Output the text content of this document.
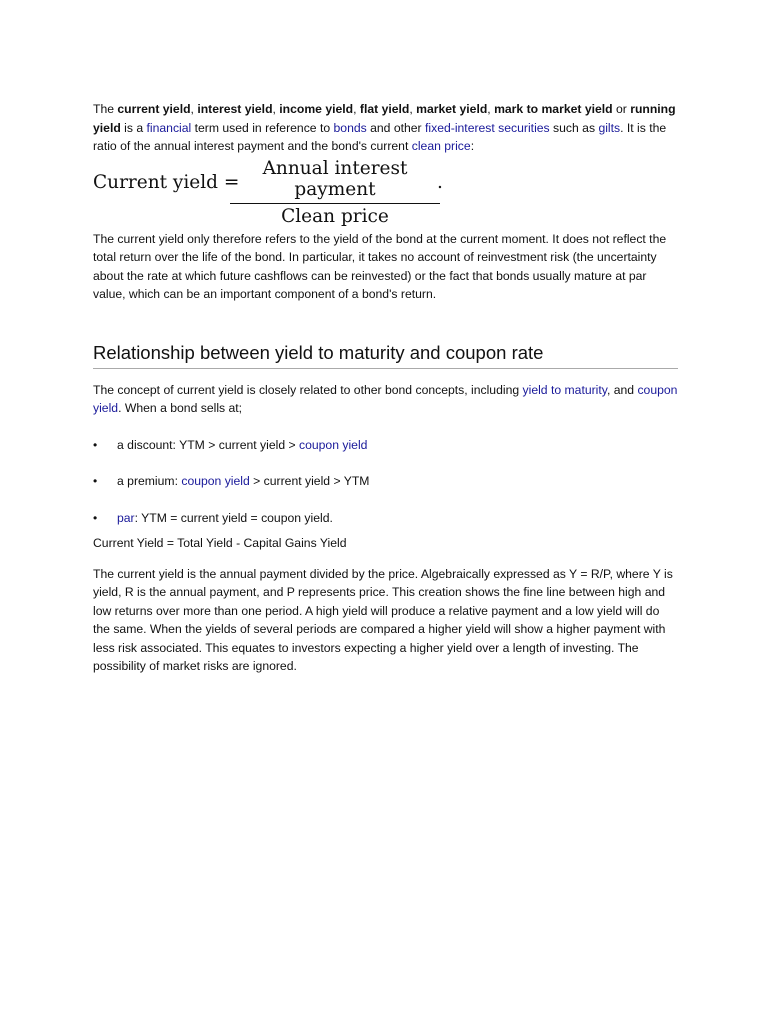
The current yield, interest yield, income yield, flat yield, market yield, mark to market yield or running yield is a financial term used in reference to bonds and other fixed-interest securities such as gilts. It is the ratio of the annual interest payment and the bond's current clean price:

Current yield =
Annual interest payment
Clean price
.

The current yield only therefore refers to the yield of the bond at the current moment. It does not reflect the total return over the life of the bond. In particular, it takes no account of reinvestment risk (the uncertainty about the rate at which future cashflows can be reinvested) or the fact that bonds usually mature at par value, which can be an important component of a bond's return.

Relationship between yield to maturity and coupon rate

The concept of current yield is closely related to other bond concepts, including yield to maturity, and coupon yield. When a bond sells at;

• a discount: YTM > current yield > coupon yield
• a premium: coupon yield > current yield > YTM
• par: YTM = current yield = coupon yield.

Current Yield = Total Yield - Capital Gains Yield

The current yield is the annual payment divided by the price. Algebraically expressed as Y = R/P, where Y is yield, R is the annual payment, and P represents price. This creation shows the fine line between high and low returns over more than one period. A high yield will produce a relative payment and a low yield will do the same. When the yields of several periods are compared a higher yield will show a higher payment with less risk associated. This equates to investors expecting a higher yield over a length of investing. The possibility of market risks are ignored.
